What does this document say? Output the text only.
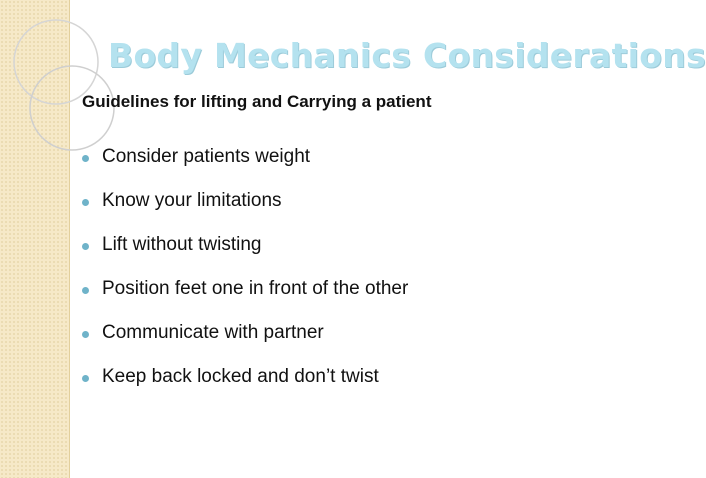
Body Mechanics Considerations
Guidelines for lifting and Carrying a patient
Consider patients weight
Know your limitations
Lift without twisting
Position feet one in front of the other
Communicate with partner
Keep back locked and don’t twist
